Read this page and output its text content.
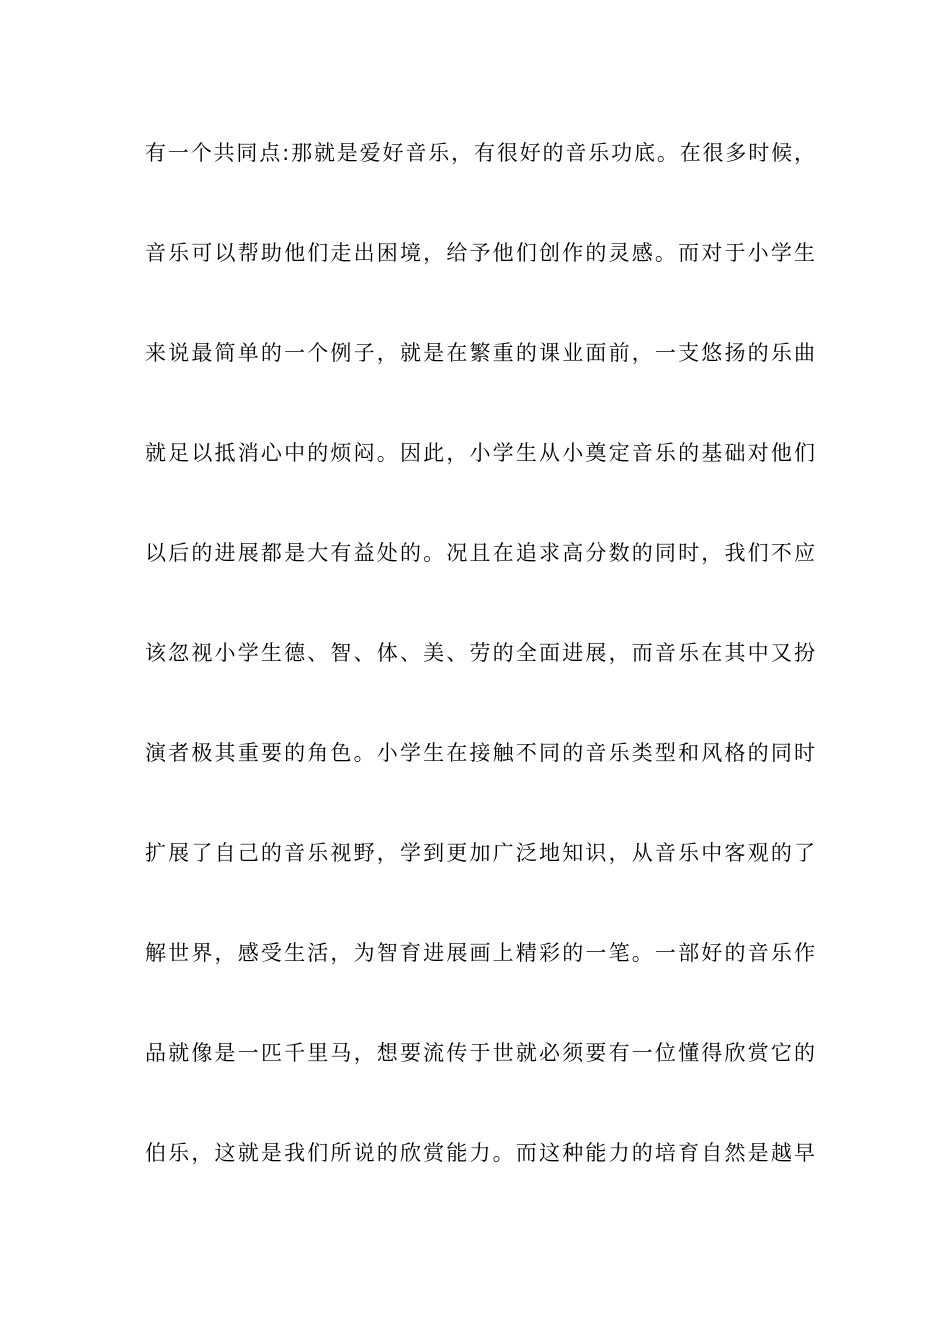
有一个共同点:那就是爱好音乐，有很好的音乐功底。在很多时候，
音乐可以帮助他们走出困境，给予他们创作的灵感。而对于小学生
来说最简单的一个例子，就是在繁重的课业面前，一支悠扬的乐曲
就足以抵消心中的烦闷。因此，小学生从小奠定音乐的基础对他们
以后的进展都是大有益处的。况且在追求高分数的同时，我们不应
该忽视小学生德、智、体、美、劳的全面进展，而音乐在其中又扮
演者极其重要的角色。小学生在接触不同的音乐类型和风格的同时
扩展了自己的音乐视野，学到更加广泛地知识，从音乐中客观的了
解世界，感受生活，为智育进展画上精彩的一笔。一部好的音乐作
品就像是一匹千里马，想要流传于世就必须要有一位懂得欣赏它的
伯乐，这就是我们所说的欣赏能力。而这种能力的培育自然是越早
